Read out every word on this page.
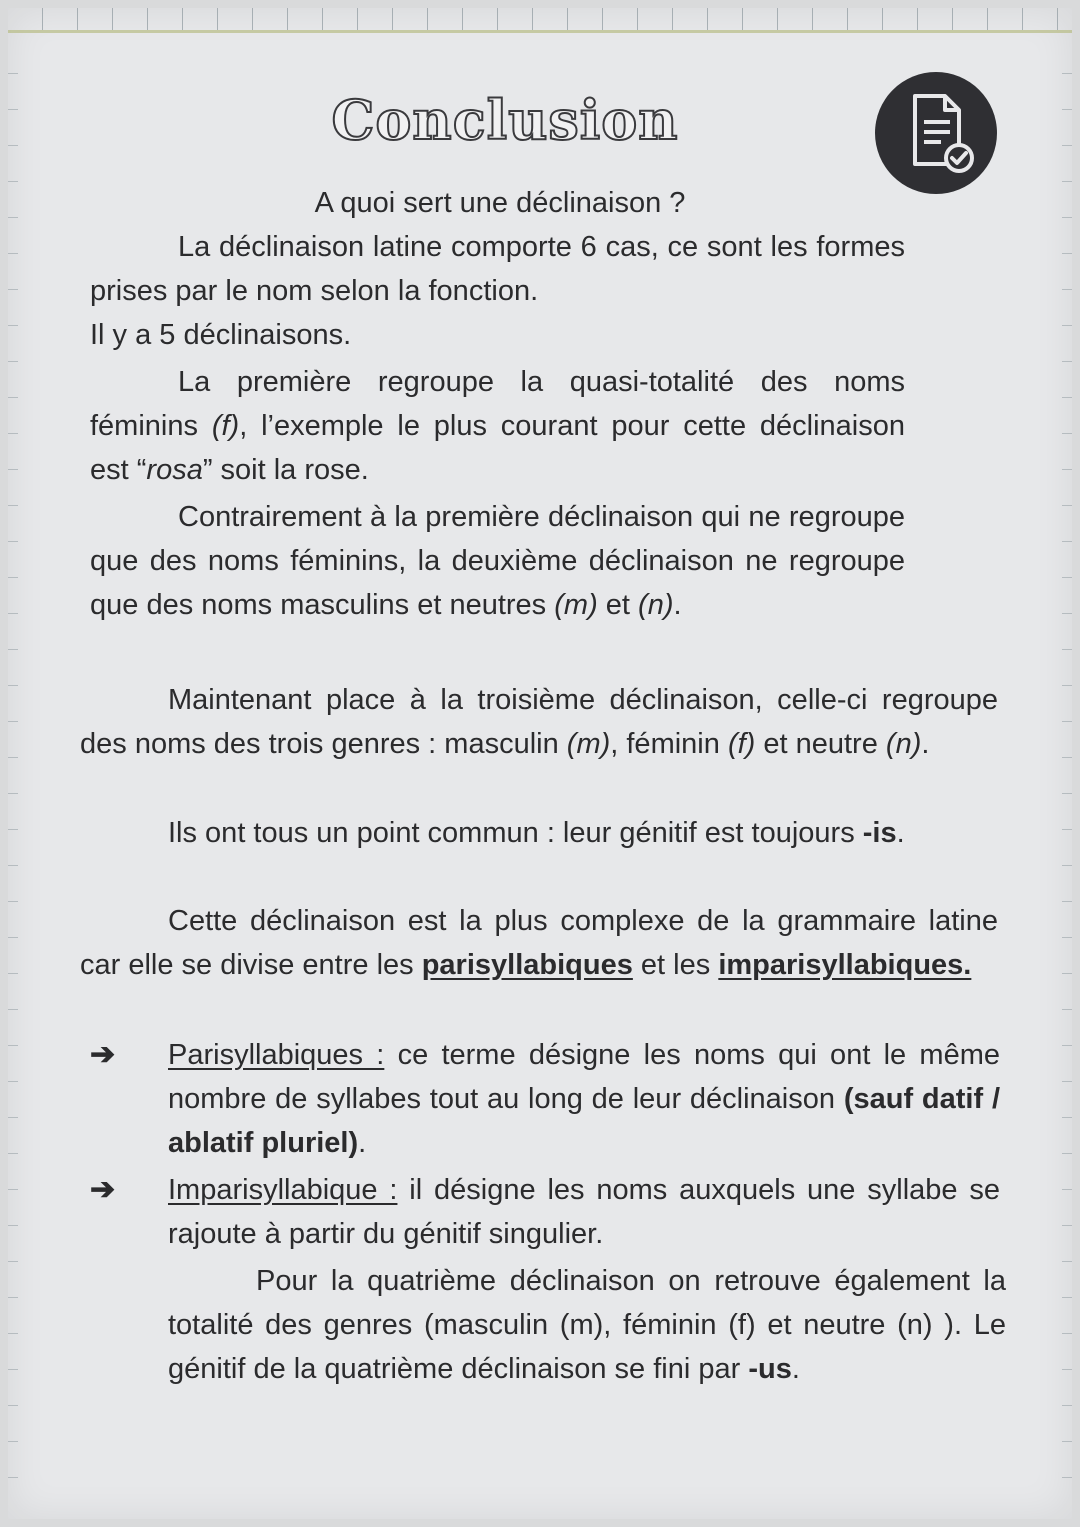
Conclusion

A quoi sert une déclinaison ?

La déclinaison latine comporte 6 cas, ce sont les formes prises par le nom selon la fonction.

Il y a 5 déclinaisons.

La première regroupe la quasi-totalité des noms féminins (f), l’exemple le plus courant pour cette déclinaison est “rosa” soit la rose.

Contrairement à la première déclinaison qui ne regroupe que des noms féminins, la deuxième déclinaison ne regroupe que des noms masculins et neutres (m) et (n).

Maintenant place à la troisième déclinaison, celle-ci regroupe des noms des trois genres : masculin (m), féminin (f) et neutre (n).

Ils ont tous un point commun : leur génitif est toujours -is.

Cette déclinaison est la plus complexe de la grammaire latine car elle se divise entre les parisyllabiques et les imparisyllabiques.

➔ Parisyllabiques : ce terme désigne les noms qui ont le même nombre de syllabes tout au long de leur déclinaison (sauf datif / ablatif pluriel).

➔ Imparisyllabique : il désigne les noms auxquels une syllabe se rajoute à partir du génitif singulier.

Pour la quatrième déclinaison on retrouve également la totalité des genres (masculin (m), féminin (f) et neutre (n) ). Le génitif de la quatrième déclinaison se fini par -us.
